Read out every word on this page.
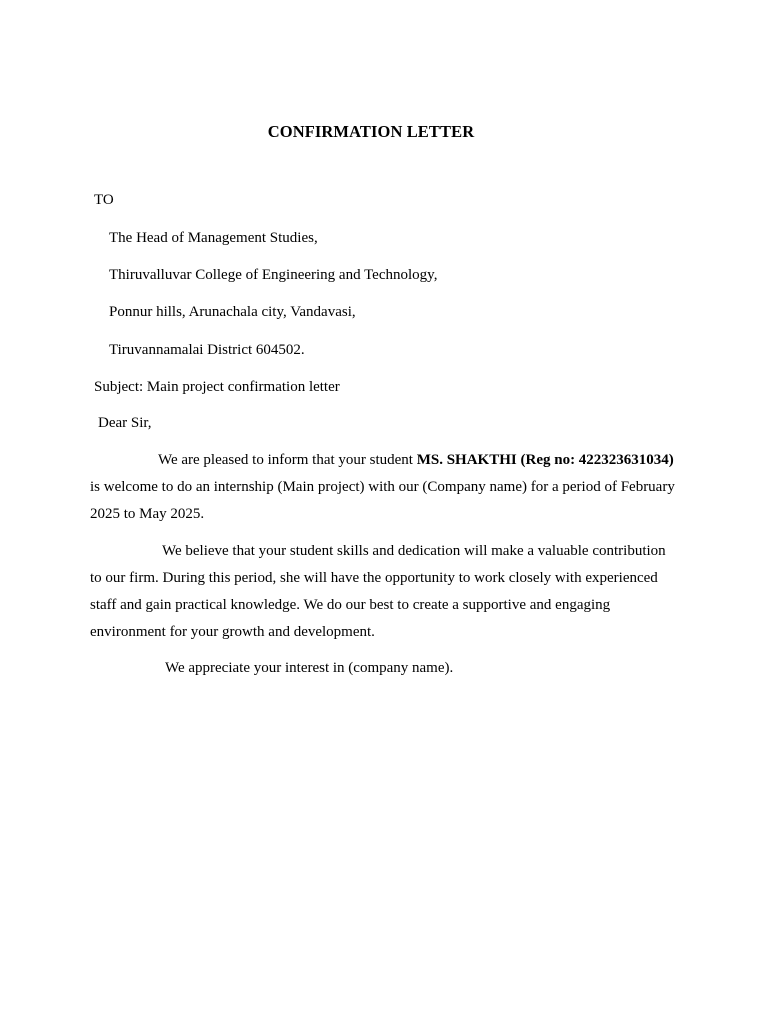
CONFIRMATION LETTER
TO
The Head of Management Studies,
Thiruvalluvar College of Engineering and Technology,
Ponnur hills, Arunachala city, Vandavasi,
Tiruvannamalai District 604502.
Subject: Main project confirmation letter
Dear Sir,
We are pleased to inform that your student MS. SHAKTHI (Reg no: 422323631034) is welcome to do an internship (Main project) with our (Company name) for a period of February 2025 to May 2025.
We believe that your student skills and dedication will make a valuable contribution to our firm. During this period, she will have the opportunity to work closely with experienced staff and gain practical knowledge. We do our best to create a supportive and engaging environment for your growth and development.
We appreciate your interest in (company name).
